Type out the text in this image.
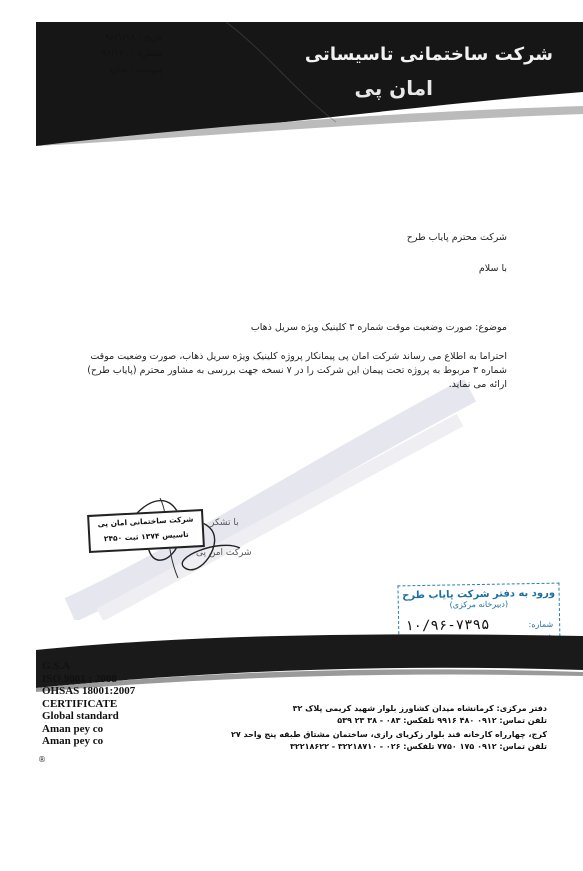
شرکت ساختمانی تاسیساتی
امان پی
تاریخ : ۹۶/۱/۱۸
شماره : ۹۶/۱۲۰
پیوست : ندارد
شرکت محترم پایاب طرح
با سلام
موضوع: صورت وضعیت موقت شماره ۳ کلینیک ویژه سریل ذهاب
احتراما به اطلاع می رساند شرکت امان پی پیمانکار پروژه کلینیک ویژه سریل ذهاب، صورت وضعیت موقت
شماره ۳ مربوط به پروژه تحت پیمان این شرکت را در ۷ نسخه جهت بررسی به مشاور محترم (پایاب طرح)
ارائه می نماید.
با تشکر
شرکت امن پی
شرکت ساختمانی امان پی
تاسیس ۱۳۷۴ ثبت ۲۴۵۰
ورود به دفتر شرکت پایاب طرح
(دبیرخانه مرکزی)
شماره:
۱۰/۹۶-۷۳۹۵
G.S.A
ISO 9001 : 2008
OHSAS 18001:2007
CERTIFICATE
Global standard
Aman pey co
Aman pey co
دفتر مرکزی: کرمانشاه میدان کشاورز بلوار شهید کریمی پلاک ۳۲
تلفن تماس: ۰۹۱۲ ۴۸۰ ۹۹۱۶ تلفکس: ۰۸۳ - ۳۸ ۲۳ ۵۳۹
کرج، چهارراه کارخانه قند بلوار زکریای رازی، ساختمان مشتاق طبقه پنج واحد ۲۷
تلفن تماس: ۰۹۱۲ ۱۷۵ ۷۷۵۰ تلفکس: ۰۲۶ - ۳۲۲۱۸۷۱۰ - ۳۲۲۱۸۶۲۲
®
